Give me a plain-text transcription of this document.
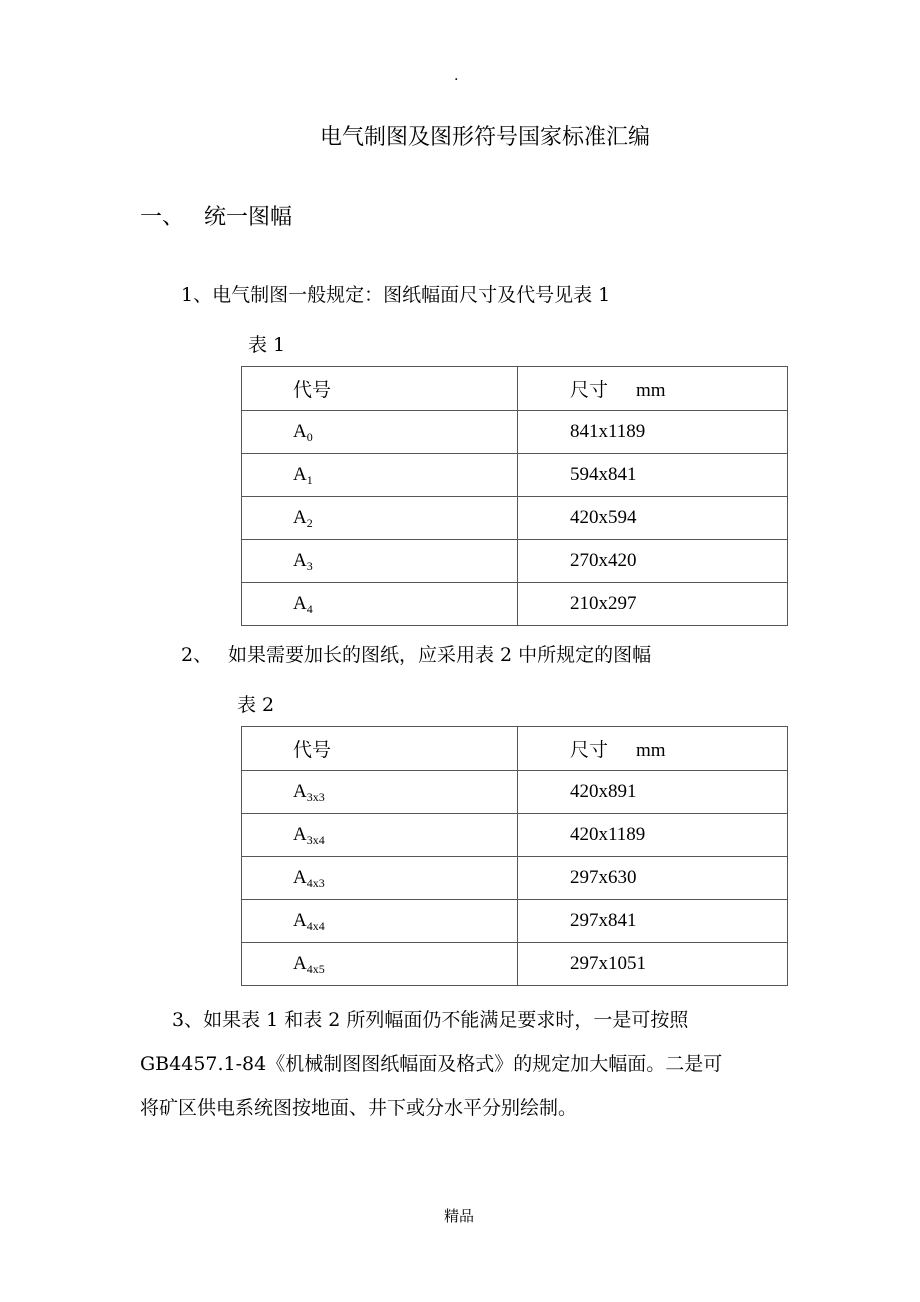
.
电气制图及图形符号国家标准汇编
一、 统一图幅
1、电气制图一般规定：图纸幅面尺寸及代号见表 1
表 1
代号	尺寸 mm
$A_0$	841x1189
$A_1$	594x841
$A_2$	420x594
$A_3$	270x420
$A_4$	210x297
2、 如果需要加长的图纸，应采用表 2 中所规定的图幅
表 2
代号	尺寸 mm
$A_{3x3}$	420x891
$A_{3x4}$	420x1189
$A_{4x3}$	297x630
$A_{4x4}$	297x841
$A_{4x5}$	297x1051
3、如果表 1 和表 2 所列幅面仍不能满足要求时，一是可按照
GB4457.1-84《机械制图图纸幅面及格式》的规定加大幅面。二是可
将矿区供电系统图按地面、井下或分水平分别绘制。
精品
